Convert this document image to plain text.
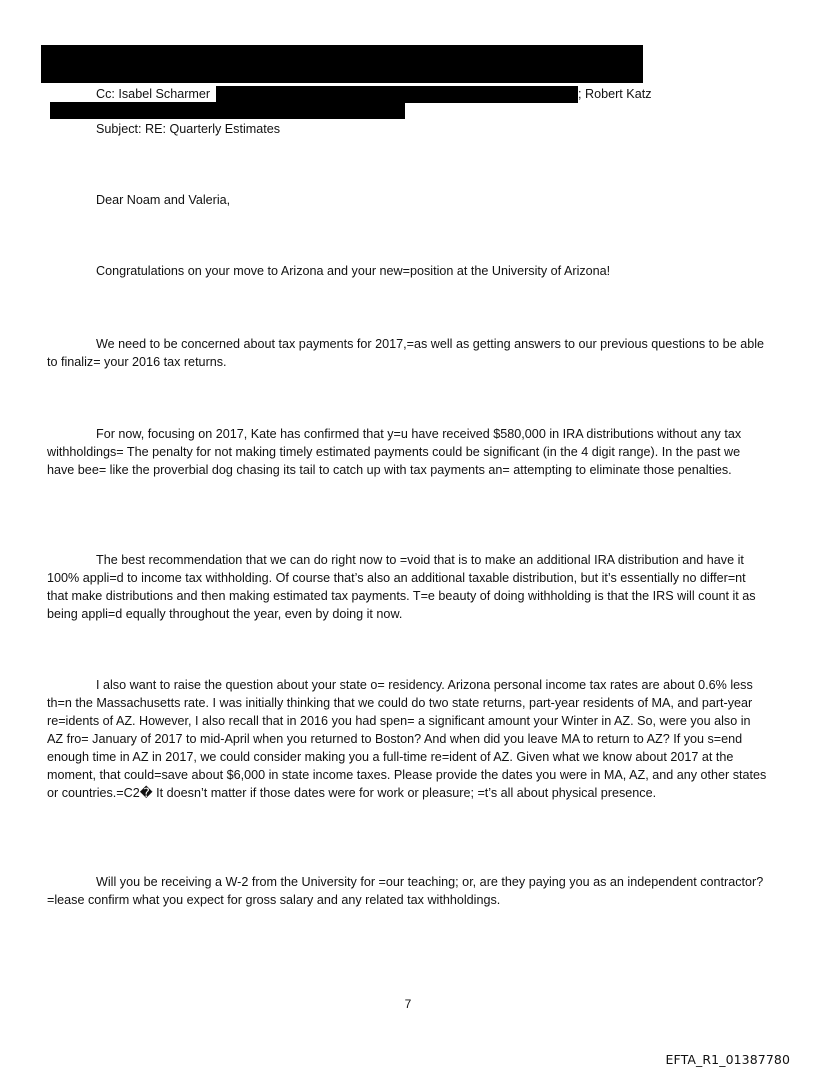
Cc: Isabel Scharmer	; Robert Katz
Subject: RE: Quarterly Estimates
Dear Noam and Valeria,
Congratulations on your move to Arizona and your new=position at the University of Arizona!
We need to be concerned about tax payments for 2017,=as well as getting answers to our previous questions to be able to finaliz= your 2016 tax returns.
For now, focusing on 2017, Kate has confirmed that y=u have received $580,000 in IRA distributions without any tax withholdings= The penalty for not making timely estimated payments could be significant (in the 4 digit range). In the past we have bee= like the proverbial dog chasing its tail to catch up with tax payments an= attempting to eliminate those penalties.
The best recommendation that we can do right now to =void that is to make an additional IRA distribution and have it 100% appli=d to income tax withholding. Of course that’s also an additional taxable distribution, but it’s essentially no differ=nt that make distributions and then making estimated tax payments. T=e beauty of doing withholding is that the IRS will count it as being appli=d equally throughout the year, even by doing it now.
I also want to raise the question about your state o= residency. Arizona personal income tax rates are about 0.6% less th=n the Massachusetts rate. I was initially thinking that we could do two state returns, part-year residents of MA, and part-year re=idents of AZ. However, I also recall that in 2016 you had spen= a significant amount your Winter in AZ. So, were you also in AZ fro= January of 2017 to mid-April when you returned to Boston? And when did you leave MA to return to AZ? If you s=end enough time in AZ in 2017, we could consider making you a full-time re=ident of AZ. Given what we know about 2017 at the moment, that could=save about $6,000 in state income taxes. Please provide the dates you were in MA, AZ, and any other states or countries.=C2� It doesn’t matter if those dates were for work or pleasure; =t’s all about physical presence.
Will you be receiving a W-2 from the University for =our teaching; or, are they paying you as an independent contractor? =lease confirm what you expect for gross salary and any related tax withholdings.
7
EFTA_R1_01387780
